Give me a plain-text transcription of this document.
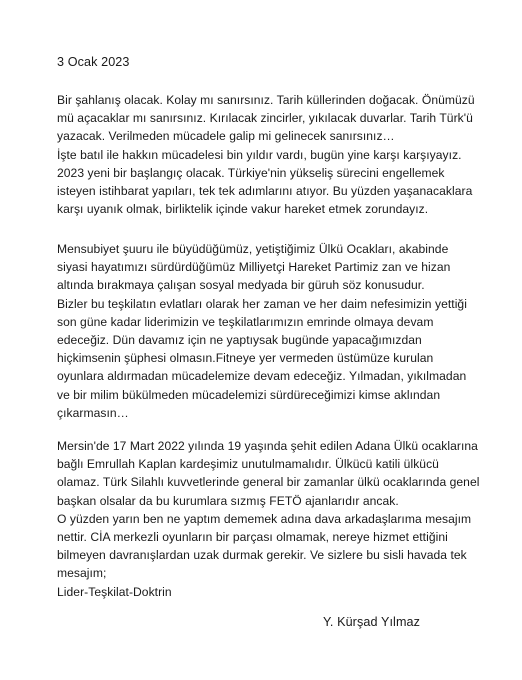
3 Ocak 2023
Bir şahlanış olacak. Kolay mı sanırsınız. Tarih küllerinden doğacak. Önümüzü
mü açacaklar mı sanırsınız. Kırılacak zincirler, yıkılacak duvarlar. Tarih Türk'ü
yazacak. Verilmeden mücadele galip mi gelinecek sanırsınız…
İşte batıl ile hakkın mücadelesi bin yıldır vardı, bugün yine karşı karşıyayız.
2023 yeni bir başlangıç olacak. Türkiye'nin yükseliş sürecini engellemek
isteyen istihbarat yapıları, tek tek adımlarını atıyor. Bu yüzden yaşanacaklara
karşı uyanık olmak, birliktelik içinde vakur hareket etmek zorundayız.
Mensubiyet şuuru ile büyüdüğümüz, yetiştiğimiz Ülkü Ocakları, akabinde
siyasi hayatımızı sürdürdüğümüz Milliyetçi Hareket Partimiz zan ve hizan
altında bırakmaya çalışan sosyal medyada bir güruh söz konusudur.
Bizler bu teşkilatın evlatları olarak her zaman ve her daim nefesimizin yettiği
son güne kadar liderimizin ve teşkilatlarımızın emrinde olmaya devam
edeceğiz. Dün davamız için ne yaptıysak bugünde yapacağımızdan
hiçkimsenin şüphesi olmasın.Fitneye yer vermeden üstümüze kurulan
oyunlara aldırmadan mücadelemize devam edeceğiz. Yılmadan, yıkılmadan
ve bir milim bükülmeden mücadelemizi sürdüreceğimizi kimse aklından
çıkarmasın…
Mersin'de 17 Mart 2022 yılında 19 yaşında şehit edilen Adana Ülkü ocaklarına
bağlı Emrullah Kaplan kardeşimiz unutulmamalıdır. Ülkücü katili ülkücü
olamaz. Türk Silahlı kuvvetlerinde general bir zamanlar ülkü ocaklarında genel
başkan olsalar da bu kurumlara sızmış FETÖ ajanlarıdır ancak.
O yüzden yarın ben ne yaptım dememek adına dava arkadaşlarıma mesajım
nettir. CİA merkezli oyunların bir parçası olmamak, nereye hizmet ettiğini
bilmeyen davranışlardan uzak durmak gerekir. Ve sizlere bu sisli havada tek
mesajım;
Lider-Teşkilat-Doktrin
Y. Kürşad Yılmaz
